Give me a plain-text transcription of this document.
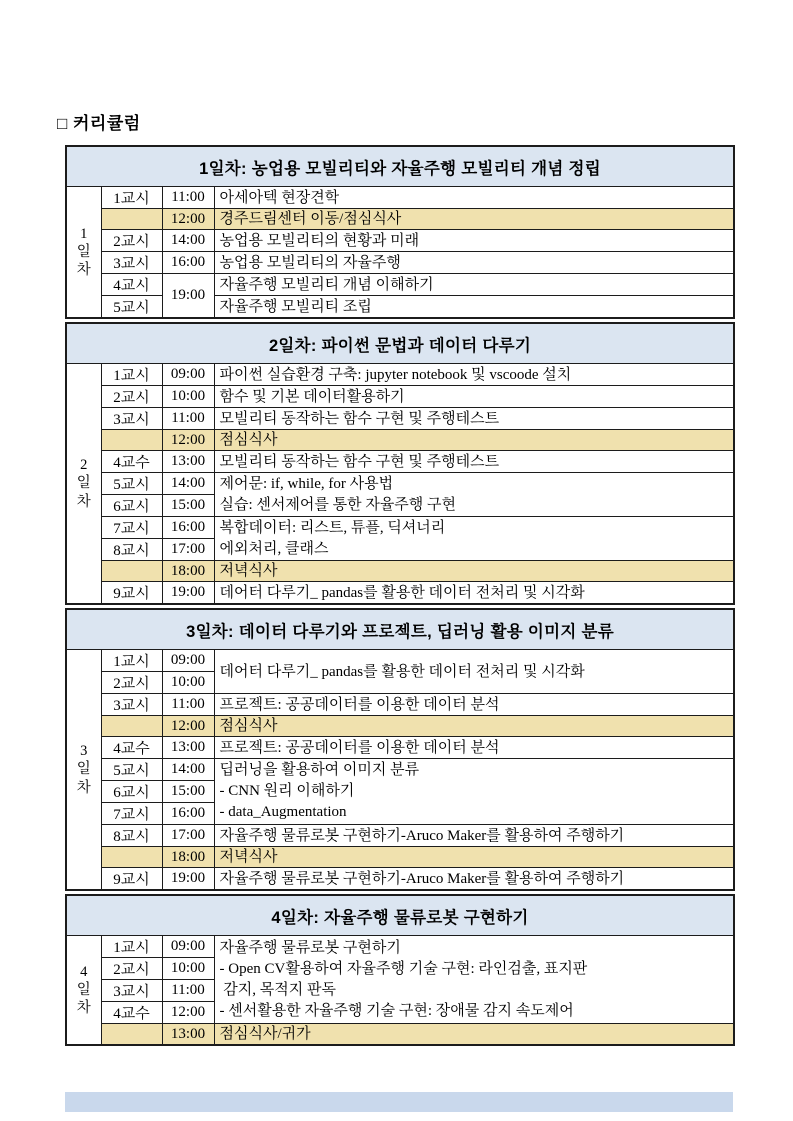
□ 커리큘럼
1일차: 농업용 모빌리티와 자율주행 모빌리티 개념 정립			
1
일
차	1교시	11:00	아세아텍 현장견학
		12:00	경주드림센터 이동/점심식사
	2교시	14:00	농업용 모빌리티의 현황과 미래
	3교시	16:00	농업용 모빌리티의 자율주행
	4교시	19:00	자율주행 모빌리티 개념 이해하기
	5교시		자율주행 모빌리티 조립
2일차: 파이썬 문법과 데이터 다루기			
2
일
차	1교시	09:00	파이썬 실습환경 구축: jupyter notebook 및 vscoode 설치
	2교시	10:00	함수 및 기본 데이터활용하기
	3교시	11:00	모빌리티 동작하는 함수 구현 및 주행테스트
		12:00	점심식사
	4교수	13:00	모빌리티 동작하는 함수 구현 및 주행테스트
	5교시	14:00	제어문: if, while, for 사용법
실습: 센서제어를 통한 자율주행 구현

	6교시	15:00	
	7교시	16:00	복합데이터: 리스트, 튜플, 딕셔너리
에외처리, 클래스

	8교시	17:00	
		18:00	저녁식사
	9교시	19:00	데어터 다루기_ pandas를 활용한 데이터 전처리 및 시각화
3일차: 데이터 다루기와 프로젝트, 딥러닝 활용 이미지 분류			
3
일
차	1교시	09:00	데어터 다루기_ pandas를 활용한 데이터 전처리 및 시각화
	2교시	10:00	
	3교시	11:00	프로젝트: 공공데이터를 이용한 데이터 분석
		12:00	점심식사
	4교수	13:00	프로젝트: 공공데이터를 이용한 데이터 분석
	5교시	14:00	딥러닝을 활용하여 이미지 분류
- CNN 원리 이해하기
- data_Augmentation

	6교시	15:00	
	7교시	16:00	
	8교시	17:00	자율주행 물류로봇 구현하기-Aruco Maker를 활용하여 주행하기
		18:00	저녁식사
	9교시	19:00	자율주행 물류로봇 구현하기-Aruco Maker를 활용하여 주행하기
4일차: 자율주행 물류로봇 구현하기			
4
일
차	1교시	09:00	자율주행 물류로봇 구현하기
- Open CV활용하여 자율주행 기술 구현: 라인검출, 표지판
감지, 목적지 판독
- 센서활용한 자율주행 기술 구현: 장애물 감지 속도제어

	2교시	10:00	
	3교시	11:00	
	4교수	12:00	
		13:00	점심식사/귀가
